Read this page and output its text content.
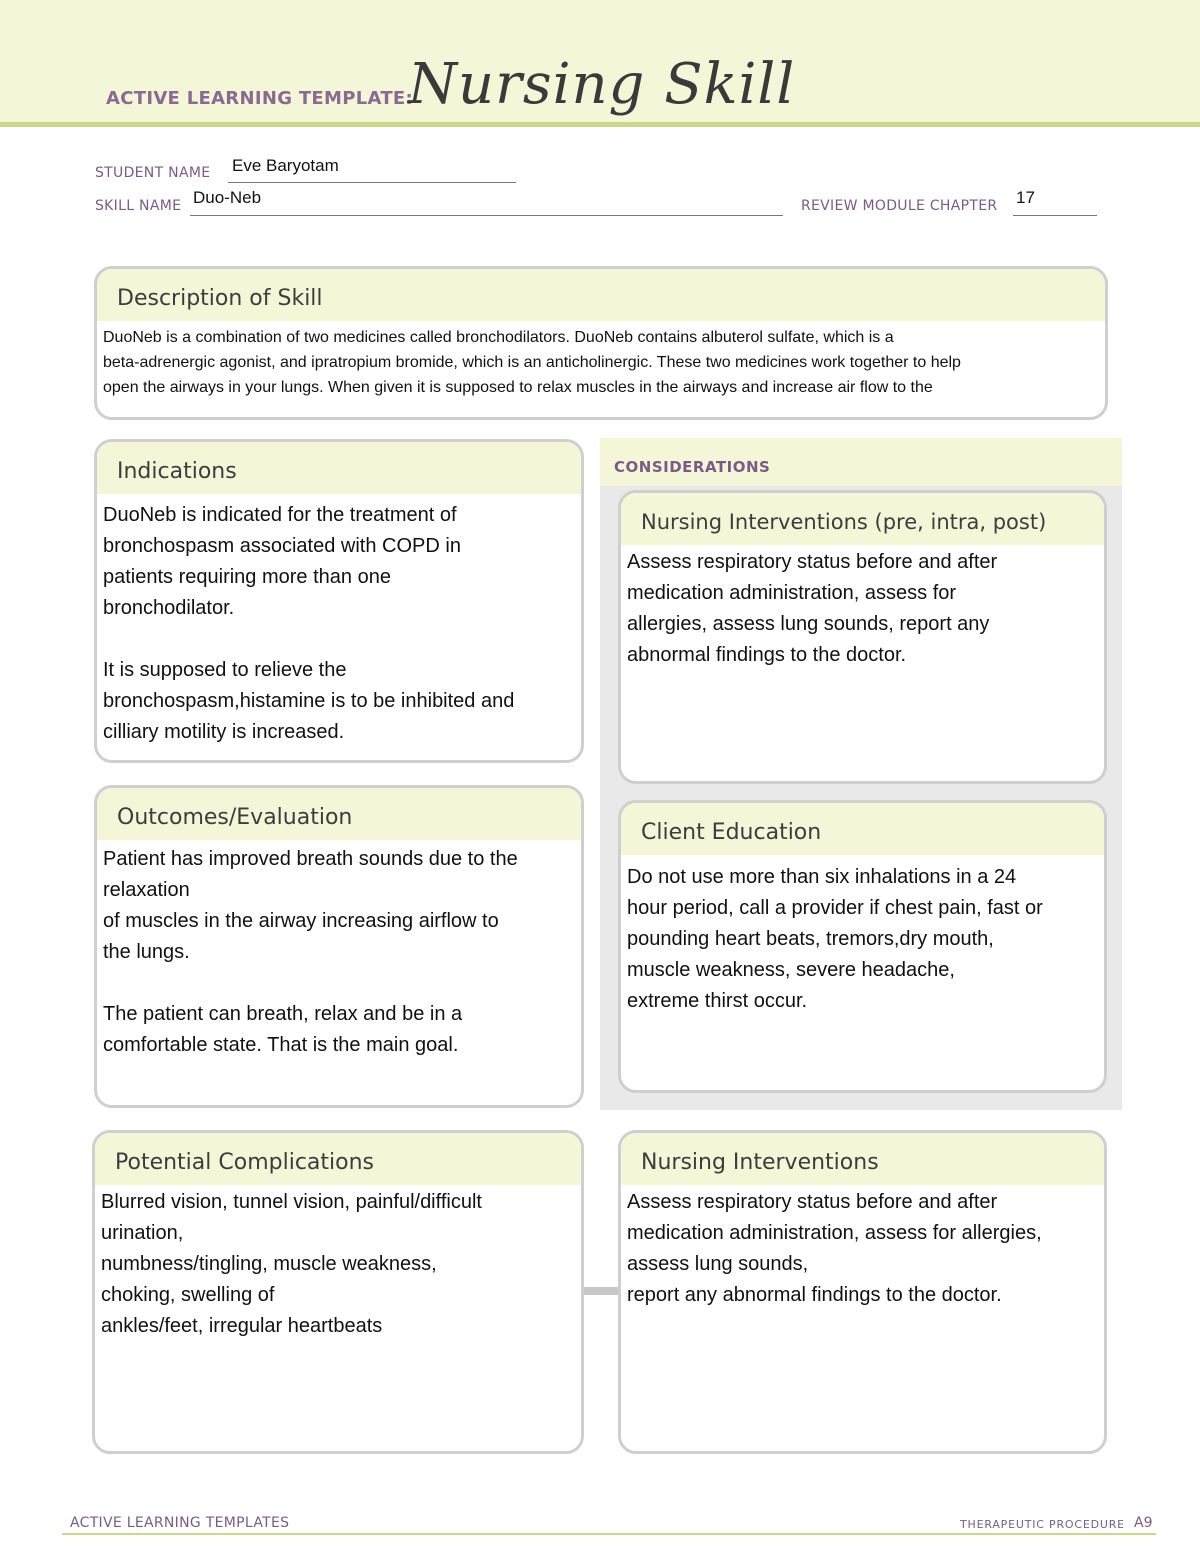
ACTIVE LEARNING TEMPLATE:
Nursing Skill
STUDENT NAME Eve Baryotam
SKILL NAME Duo-Neb	REVIEW MODULE CHAPTER 17
Description of Skill
DuoNeb is a combination of two medicines called bronchodilators. DuoNeb contains albuterol sulfate, which is a
beta-adrenergic agonist, and ipratropium bromide, which is an anticholinergic. These two medicines work together to help
open the airways in your lungs. When given it is supposed to relax muscles in the airways and increase air flow to the
CONSIDERATIONS
Indications
DuoNeb is indicated for the treatment of
bronchospasm associated with COPD in
patients requiring more than one
bronchodilator.

It is supposed to relieve the
bronchospasm,histamine is to be inhibited and
cilliary motility is increased.
Nursing Interventions (pre, intra, post)
Assess respiratory status before and after
medication administration, assess for
allergies, assess lung sounds, report any
abnormal findings to the doctor.
Outcomes/Evaluation
Patient has improved breath sounds due to the
relaxation
of muscles in the airway increasing airflow to
the lungs.

The patient can breath, relax and be in a
comfortable state. That is the main goal.
Client Education
Do not use more than six inhalations in a 24
hour period, call a provider if chest pain, fast or
pounding heart beats, tremors,dry mouth,
muscle weakness, severe headache,
extreme thirst occur.
Potential Complications
Blurred vision, tunnel vision, painful/difficult
urination,
numbness/tingling, muscle weakness,
choking, swelling of
ankles/feet, irregular heartbeats
Nursing Interventions
Assess respiratory status before and after
medication administration, assess for allergies,
assess lung sounds,
report any abnormal findings to the doctor.
ACTIVE LEARNING TEMPLATES	THERAPEUTIC PROCEDURE A9
